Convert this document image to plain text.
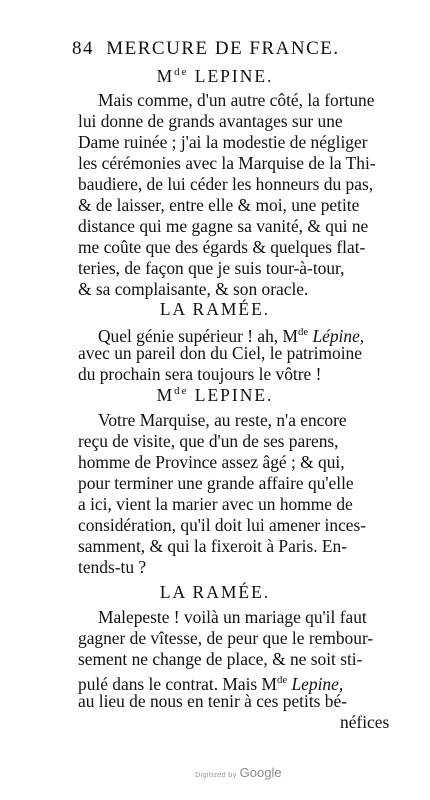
84 MERCURE DE FRANCE.
Mde LEPINE.
Mais comme, d'un autre côté, la fortune
lui donne de grands avantages sur une
Dame ruinée ; j'ai la modestie de négliger
les cérémonies avec la Marquise de la Thi-
baudiere, de lui céder les honneurs du pas,
& de laisser, entre elle & moi, une petite
distance qui me gagne sa vanité, & qui ne
me coûte que des égards & quelques flat-
teries, de façon que je suis tour-à-tour,
& sa complaisante, & son oracle.
LA RAMÉE.
Quel génie supérieur ! ah, Mde Lépine,
avec un pareil don du Ciel, le patrimoine
du prochain sera toujours le vôtre !
Mde LEPINE.
Votre Marquise, au reste, n'a encore
reçu de visite, que d'un de ses parens,
homme de Province assez âgé ; & qui,
pour terminer une grande affaire qu'elle
a ici, vient la marier avec un homme de
considération, qu'il doit lui amener inces-
samment, & qui la fixeroit à Paris. En-
tends-tu ?
LA RAMÉE.
Malepeste ! voilà un mariage qu'il faut
gagner de vîtesse, de peur que le rembour-
sement ne change de place, & ne soit sti-
pulé dans le contrat. Mais Mde Lepine,
au lieu de nous en tenir à ces petits bé-
néfices
Digitized by Google
